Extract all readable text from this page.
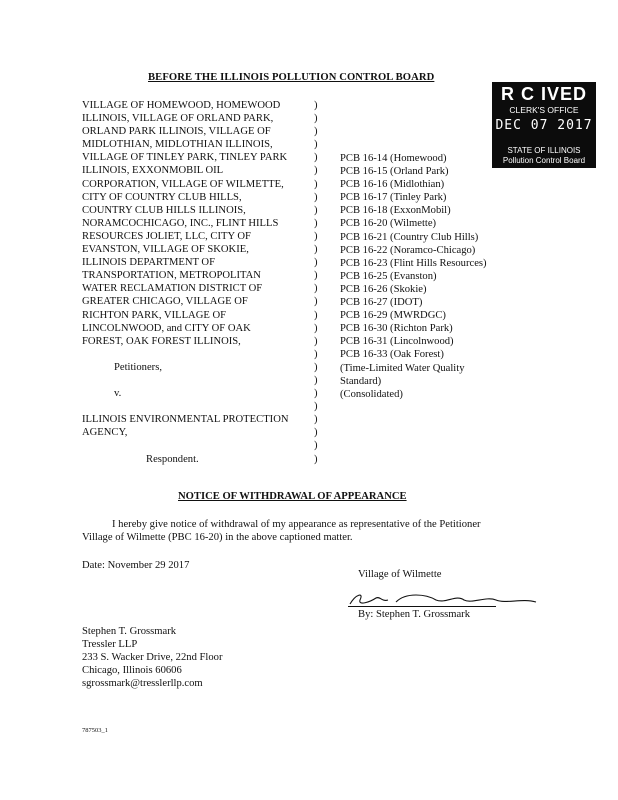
BEFORE THE ILLINOIS POLLUTION CONTROL BOARD
R C IVED
CLERK'S OFFICE
DEC 07 2017
STATE OF ILLINOIS
Pollution Control Board
VILLAGE OF HOMEWOOD, HOMEWOOD
ILLINOIS, VILLAGE OF ORLAND PARK,
ORLAND PARK ILLINOIS, VILLAGE OF
MIDLOTHIAN, MIDLOTHIAN ILLINOIS,
VILLAGE OF TINLEY PARK, TINLEY PARK
ILLINOIS, EXXONMOBIL OIL
CORPORATION, VILLAGE OF WILMETTE,
CITY OF COUNTRY CLUB HILLS,
COUNTRY CLUB HILLS ILLINOIS,
NORAMCOCHICAGO, INC., FLINT HILLS
RESOURCES JOLIET, LLC, CITY OF
EVANSTON, VILLAGE OF SKOKIE,
ILLINOIS DEPARTMENT OF
TRANSPORTATION, METROPOLITAN
WATER RECLAMATION DISTRICT OF
GREATER CHICAGO, VILLAGE OF
RICHTON PARK, VILLAGE OF
LINCOLNWOOD, and CITY OF OAK
FOREST, OAK FOREST ILLINOIS,
Petitioners,
v.
ILLINOIS ENVIRONMENTAL PROTECTION
AGENCY,
Respondent.
)
)
)
)
)
)
)
)
)
)
)
)
)
)
)
)
)
)
)
)
)
)
)
)
)
)
)
)
PCB 16-14 (Homewood)
PCB 16-15 (Orland Park)
PCB 16-16 (Midlothian)
PCB 16-17 (Tinley Park)
PCB 16-18 (ExxonMobil)
PCB 16-20 (Wilmette)
PCB 16-21 (Country Club Hills)
PCB 16-22 (Noramco-Chicago)
PCB 16-23 (Flint Hills Resources)
PCB 16-25 (Evanston)
PCB 16-26 (Skokie)
PCB 16-27 (IDOT)
PCB 16-29 (MWRDGC)
PCB 16-30 (Richton Park)
PCB 16-31 (Lincolnwood)
PCB 16-33 (Oak Forest)
(Time-Limited Water Quality
Standard)
(Consolidated)
NOTICE OF WITHDRAWAL OF APPEARANCE
I hereby give notice of withdrawal of my appearance as representative of the Petitioner
Village of Wilmette (PBC 16-20) in the above captioned matter.
Date: November 29 2017
Village of Wilmette
By: Stephen T. Grossmark
Stephen T. Grossmark
Tressler LLP
233 S. Wacker Drive, 22nd Floor
Chicago, Illinois 60606
sgrossmark@tresslerllp.com
787503_1
